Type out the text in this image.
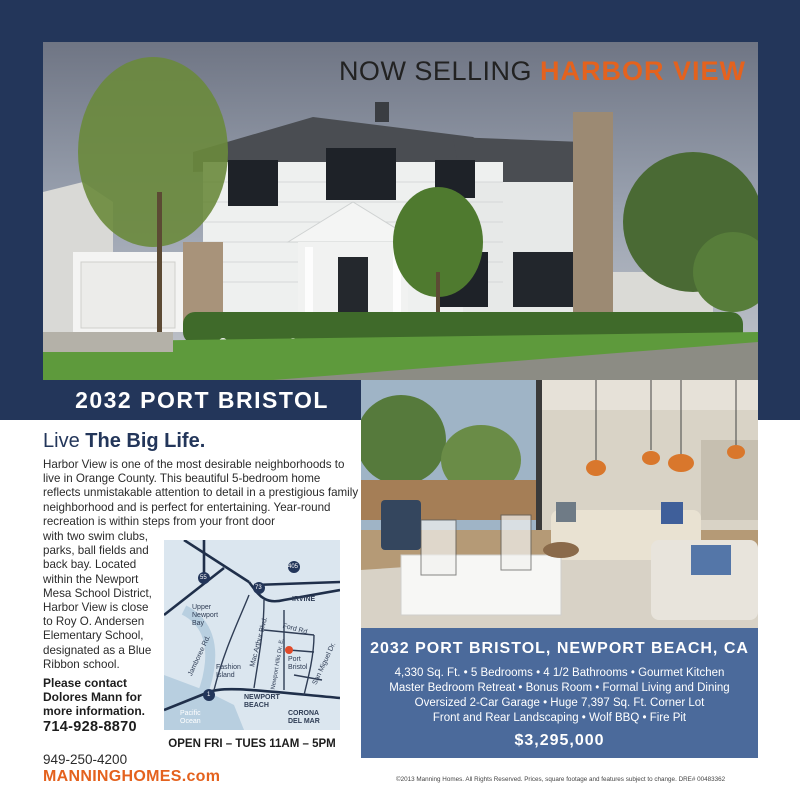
NOW SELLING HARBOR VIEW
2032 PORT BRISTOL
2032 PORT BRISTOL, NEWPORT BEACH, CA
4,330 Sq. Ft. • 5 Bedrooms • 4 1/2 Bathrooms • Gourmet Kitchen
Master Bedroom Retreat • Bonus Room • Formal Living and Dining
Oversized 2-Car Garage • Huge 7,397 Sq. Ft. Corner Lot
Front and Rear Landscaping • Wolf BBQ • Fire Pit
$3,295,000
Live The Big Life.
Harbor View is one of the most desirable neighborhoods to live in Orange County. This beautiful 5-bedroom home reflects unmistakable attention to detail in a prestigious family neighborhood and is perfect for entertaining. Year-round recreation is within steps from your front door
with two swim clubs, parks, ball fields and back bay. Located within the Newport Mesa School District, Harbor View is close to Roy O. Andersen Elementary School, designated as a Blue Ribbon school.
Please contact
Dolores Mann for
more information.
714-928-8870
949-250-4200
MANNINGHOMES.com
55
73
405
1
Upper
Newport
Bay
IRVINE
Ford Rd.
Jamboree Rd.	Mac Arthur Blvd. Newport Hills Dr. E. Port
Bristol San Miguel Dr.
Fashion
Island
NEWPORT
BEACH
CORONA
DEL MAR
Pacific
Ocean
OPEN FRI – TUES 11AM – 5PM
©2013 Manning Homes. All Rights Reserved. Prices, square footage and features subject to change. DRE# 00483362
